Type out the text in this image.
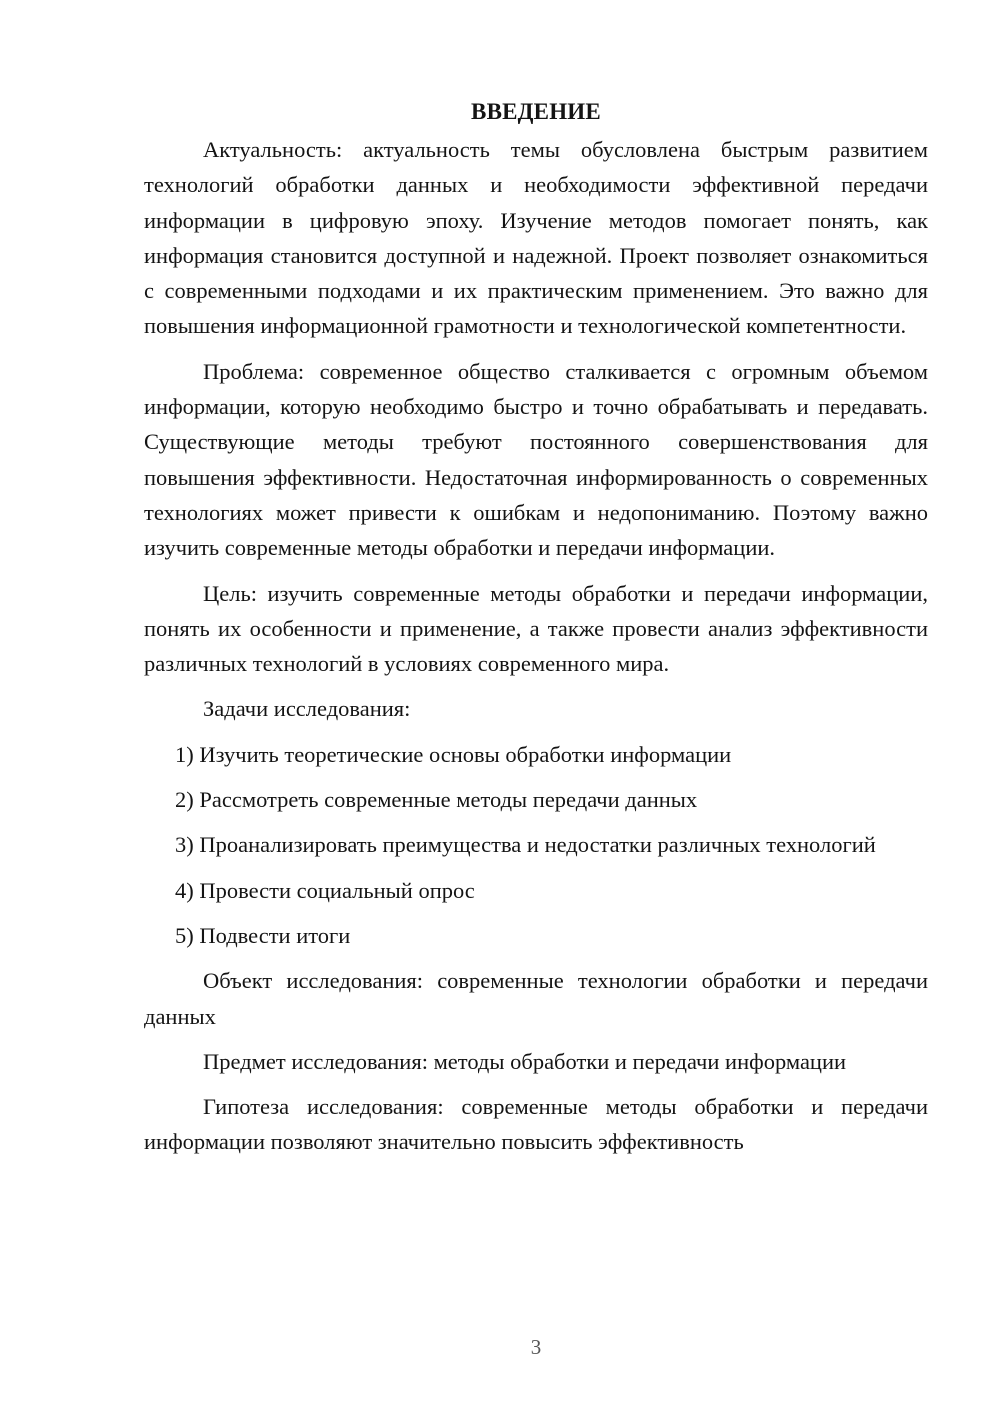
ВВЕДЕНИЕ

Актуальность: актуальность темы обусловлена быстрым развитием технологий обработки данных и необходимости эффективной передачи информации в цифровую эпоху. Изучение методов помогает понять, как информация становится доступной и надежной. Проект позволяет ознакомиться с современными подходами и их практическим применением. Это важно для повышения информационной грамотности и технологической компетентности.

Проблема: современное общество сталкивается с огромным объемом информации, которую необходимо быстро и точно обрабатывать и передавать. Существующие методы требуют постоянного совершенствования для повышения эффективности. Недостаточная информированность о современных технологиях может привести к ошибкам и недопониманию. Поэтому важно изучить современные методы обработки и передачи информации.

Цель: изучить современные методы обработки и передачи информации, понять их особенности и применение, а также провести анализ эффективности различных технологий в условиях современного мира.

Задачи исследования:

1) Изучить теоретические основы обработки информации

2) Рассмотреть современные методы передачи данных

3) Проанализировать преимущества и недостатки различных технологий

4) Провести социальный опрос

5) Подвести итоги

Объект исследования: современные технологии обработки и передачи данных

Предмет исследования: методы обработки и передачи информации

Гипотеза исследования: современные методы обработки и передачи информации позволяют значительно повысить эффективность

3
